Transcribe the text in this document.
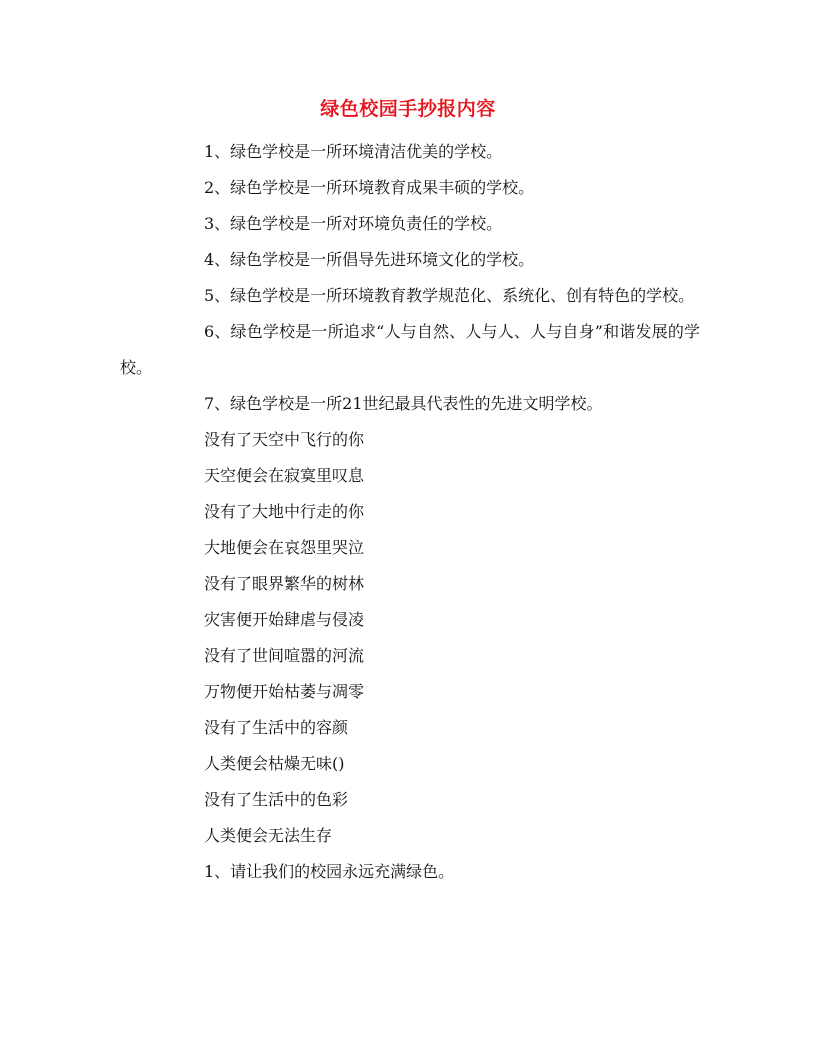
绿色校园手抄报内容

1、绿色学校是一所环境清洁优美的学校。

2、绿色学校是一所环境教育成果丰硕的学校。

3、绿色学校是一所对环境负责任的学校。

4、绿色学校是一所倡导先进环境文化的学校。

5、绿色学校是一所环境教育教学规范化、系统化、创有特色的学校。

6、绿色学校是一所追求“人与自然、人与人、人与自身”和谐发展的学校。

7、绿色学校是一所21世纪最具代表性的先进文明学校。

没有了天空中飞行的你

天空便会在寂寞里叹息

没有了大地中行走的你

大地便会在哀怨里哭泣

没有了眼界繁华的树林

灾害便开始肆虐与侵凌

没有了世间喧嚣的河流

万物便开始枯萎与凋零

没有了生活中的容颜

人类便会枯燥无味()

没有了生活中的色彩

人类便会无法生存

1、请让我们的校园永远充满绿色。
